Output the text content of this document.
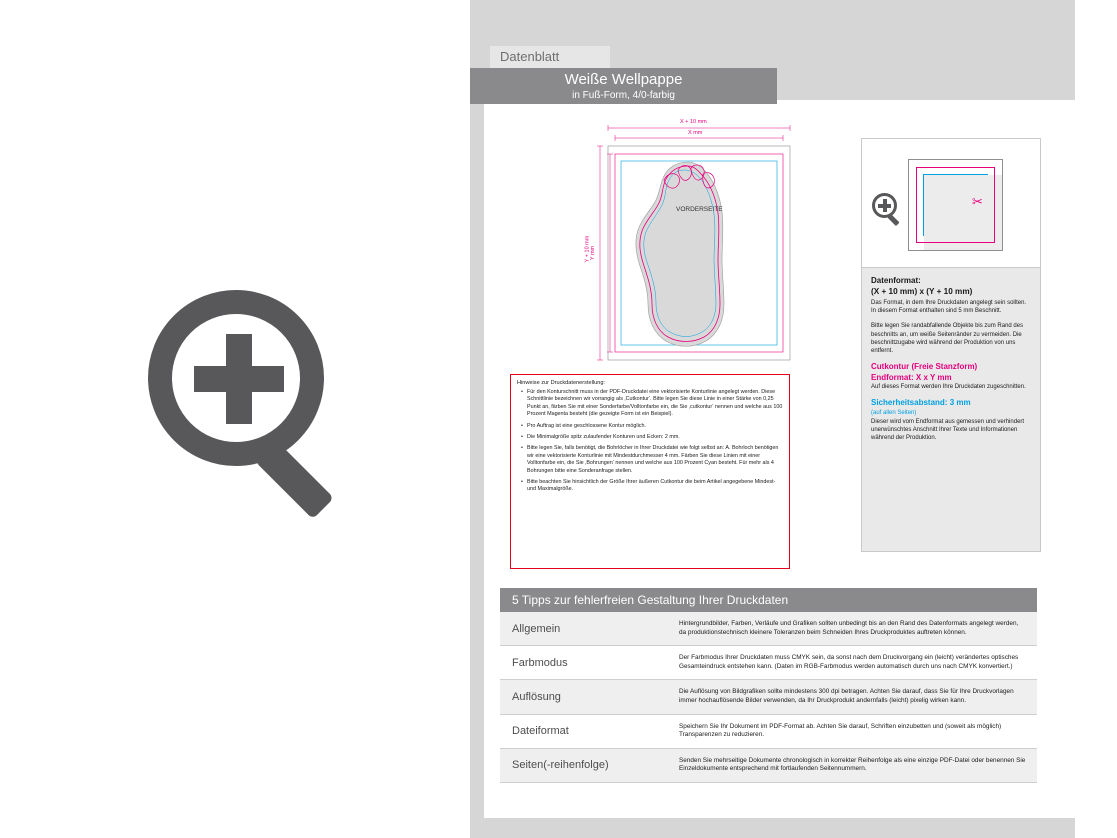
Datenblatt
Weiße Wellpappe
in Fuß-Form, 4/0-farbig
VORDERSEITE
X + 10 mm
X mm
Y + 10 mm Y mm
Hinweise zur Druckdatenerstellung:
• Für den Konturschnitt muss in der PDF-Druckdatei eine vektorisierte Konturlinie angelegt werden. Diese Schnittlinie bezeichnen wir vorrangig als ‚Cutkontur‘. Bitte legen Sie diese Linie in einer Stärke von 0,25 Punkt an, färben Sie mit einer Sonderfarbe/Volltonfarbe ein, die Sie ‚cutkontur‘ nennen und welche aus 100 Prozent Magenta besteht (die gezeigte Form ist ein Beispiel).
• Pro Auftrag ist eine geschlossene Kontur möglich.
• Die Minimalgröße spitz zulaufender Konturen und Ecken: 2 mm.
• Bitte legen Sie, falls benötigt, die Bohrlöcher in Ihrer Druckdatei wie folgt selbst an: A. Bohrloch benötigen wir eine vektorisierte Konturlinie mit Mindestdurchmesser 4 mm. Färben Sie diese Linien mit einer Volltonfarbe ein, die Sie ‚Bohrungen‘ nennen und welche aus 100 Prozent Cyan besteht. Für mehr als 4 Bohrungen bitte eine Sonderanfrage stellen.
• Bitte beachten Sie hinsichtlich der Größe Ihrer äußeren Cutkontur die beim Artikel angegebene Mindest- und Maximalgröße.
✂
Datenformat:
(X + 10 mm) x (Y + 10 mm)

Das Format, in dem Ihre Druckdaten angelegt sein sollten. In diesem Format enthalten sind 5 mm Beschnitt.

Bitte legen Sie randabfallende Objekte bis zum Rand des beschnitts an, um weiße Seitenränder zu vermeiden. Die beschnittzugabe wird während der Produktion von uns entfernt.

Cutkontur (Freie Stanzform)
Endformat: X x Y mm

Auf dieses Format werden Ihre Druckdaten zugeschnitten.

Sicherheitsabstand: 3 mm
(auf allen Seiten)

Dieser wird vom Endformat aus gemessen und verhindert unerwünschtes Anschnitt Ihrer Texte und Informationen während der Produktion.

5 Tipps zur fehlerfreien Gestaltung Ihrer Druckdaten
Allgemein	Hintergrundbilder, Farben, Verläufe und Grafiken sollten unbedingt bis an den Rand des Datenformats angelegt werden, da produktionstechnisch kleinere Toleranzen beim Schneiden Ihres Druckproduktes auftreten können.
Farbmodus	Der Farbmodus Ihrer Druckdaten muss CMYK sein, da sonst nach dem Druckvorgang ein (leicht) verändertes optisches Gesamteindruck entstehen kann. (Daten im RGB-Farbmodus werden automatisch durch uns nach CMYK konvertiert.)
Auflösung	Die Auflösung von Bildgrafiken sollte mindestens 300 dpi betragen. Achten Sie darauf, dass Sie für Ihre Druckvorlagen immer hochauflösende Bilder verwenden, da Ihr Druckprodukt andernfalls (leicht) pixelig wirken kann.
Dateiformat	Speichern Sie Ihr Dokument im PDF-Format ab. Achten Sie darauf, Schriften einzubetten und (soweit als möglich) Transparenzen zu reduzieren.
Seiten(-reihenfolge)	Senden Sie mehrseitige Dokumente chronologisch in korrekter Reihenfolge als eine einzige PDF-Datei oder benennen Sie Einzeldokumente entsprechend mit fortlaufenden Seitennummern.
